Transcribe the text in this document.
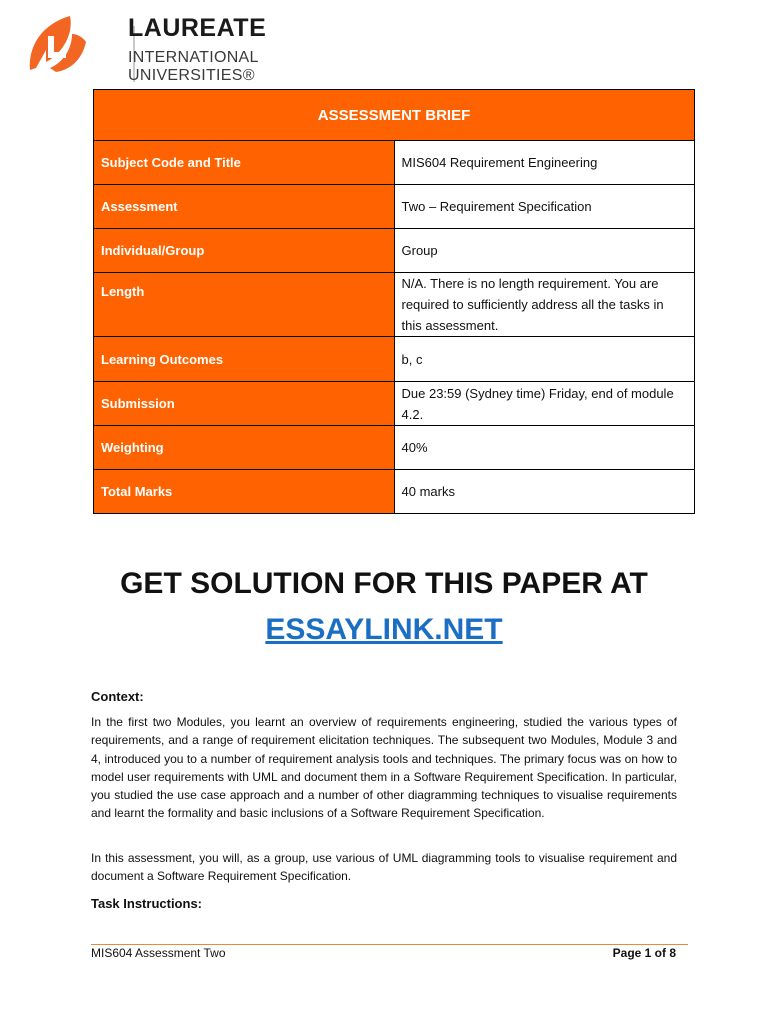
LAUREATE
INTERNATIONAL
UNIVERSITIES®
ASSESSMENT BRIEF	
Subject Code and Title	MIS604 Requirement Engineering
Assessment	Two – Requirement Specification
Individual/Group	Group
Length	N/A. There is no length requirement. You are required to sufficiently address all the tasks in this assessment.
Learning Outcomes	b, c
Submission	Due 23:59 (Sydney time) Friday, end of module 4.2.
Weighting	40%
Total Marks	40 marks
GET SOLUTION FOR THIS PAPER AT
ESSAYLINK.NET
Context:
In the first two Modules, you learnt an overview of requirements engineering, studied the various types of requirements, and a range of requirement elicitation techniques. The subsequent two Modules, Module 3 and 4, introduced you to a number of requirement analysis tools and techniques. The primary focus was on how to model user requirements with UML and document them in a Software Requirement Specification. In particular, you studied the use case approach and a number of other diagramming techniques to visualise requirements and learnt the formality and basic inclusions of a Software Requirement Specification.
In this assessment, you will, as a group, use various of UML diagramming tools to visualise requirement and document a Software Requirement Specification.
Task Instructions:
MIS604 Assessment Two	Page 1 of 8
